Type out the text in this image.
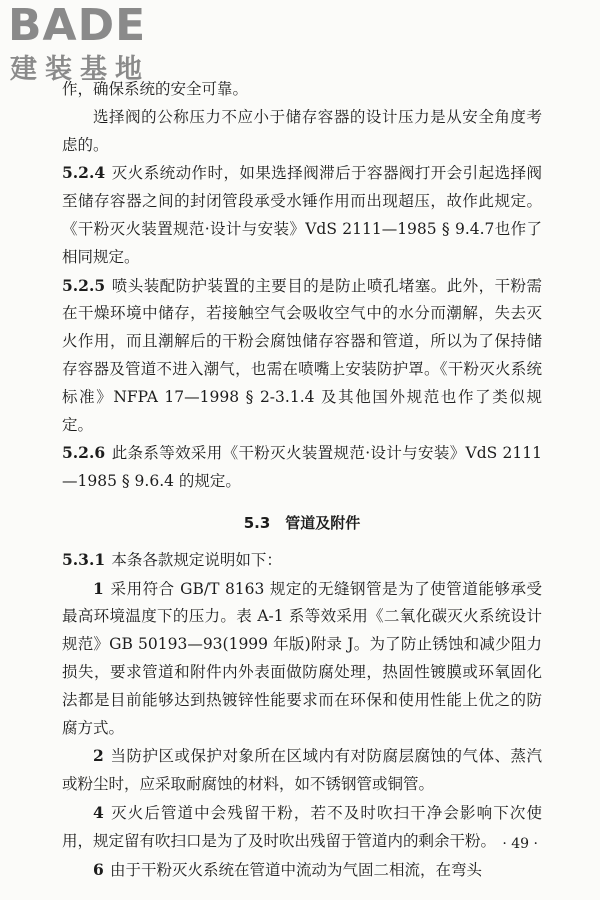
BADE
建装基地

作，确保系统的安全可靠。

选择阀的公称压力不应小于储存容器的设计压力是从安全角度考虑的。

5.2.4 灭火系统动作时，如果选择阀滞后于容器阀打开会引起选择阀至储存容器之间的封闭管段承受水锤作用而出现超压，故作此规定。《干粉灭火装置规范·设计与安装》VdS 2111—1985 § 9.4.7也作了相同规定。

5.2.5 喷头装配防护装置的主要目的是防止喷孔堵塞。此外，干粉需在干燥环境中储存，若接触空气会吸收空气中的水分而潮解，失去灭火作用，而且潮解后的干粉会腐蚀储存容器和管道，所以为了保持储存容器及管道不进入潮气，也需在喷嘴上安装防护罩。《干粉灭火系统标准》NFPA 17—1998 § 2-3.1.4 及其他国外规范也作了类似规定。

5.2.6 此条系等效采用《干粉灭火装置规范·设计与安装》VdS 2111—1985 § 9.6.4 的规定。

5.3　管道及附件

5.3.1 本条各款规定说明如下：

1 采用符合 GB/T 8163 规定的无缝钢管是为了使管道能够承受最高环境温度下的压力。表 A-1 系等效采用《二氧化碳灭火系统设计规范》GB 50193—93(1999 年版)附录 J。为了防止锈蚀和减少阻力损失，要求管道和附件内外表面做防腐处理，热固性镀膜或环氧固化法都是目前能够达到热镀锌性能要求而在环保和使用性能上优之的防腐方式。

2 当防护区或保护对象所在区域内有对防腐层腐蚀的气体、蒸汽或粉尘时，应采取耐腐蚀的材料，如不锈钢管或铜管。

4 灭火后管道中会残留干粉，若不及时吹扫干净会影响下次使用，规定留有吹扫口是为了及时吹出残留于管道内的剩余干粉。

6 由于干粉灭火系统在管道中流动为气固二相流，在弯头

· 49 ·
